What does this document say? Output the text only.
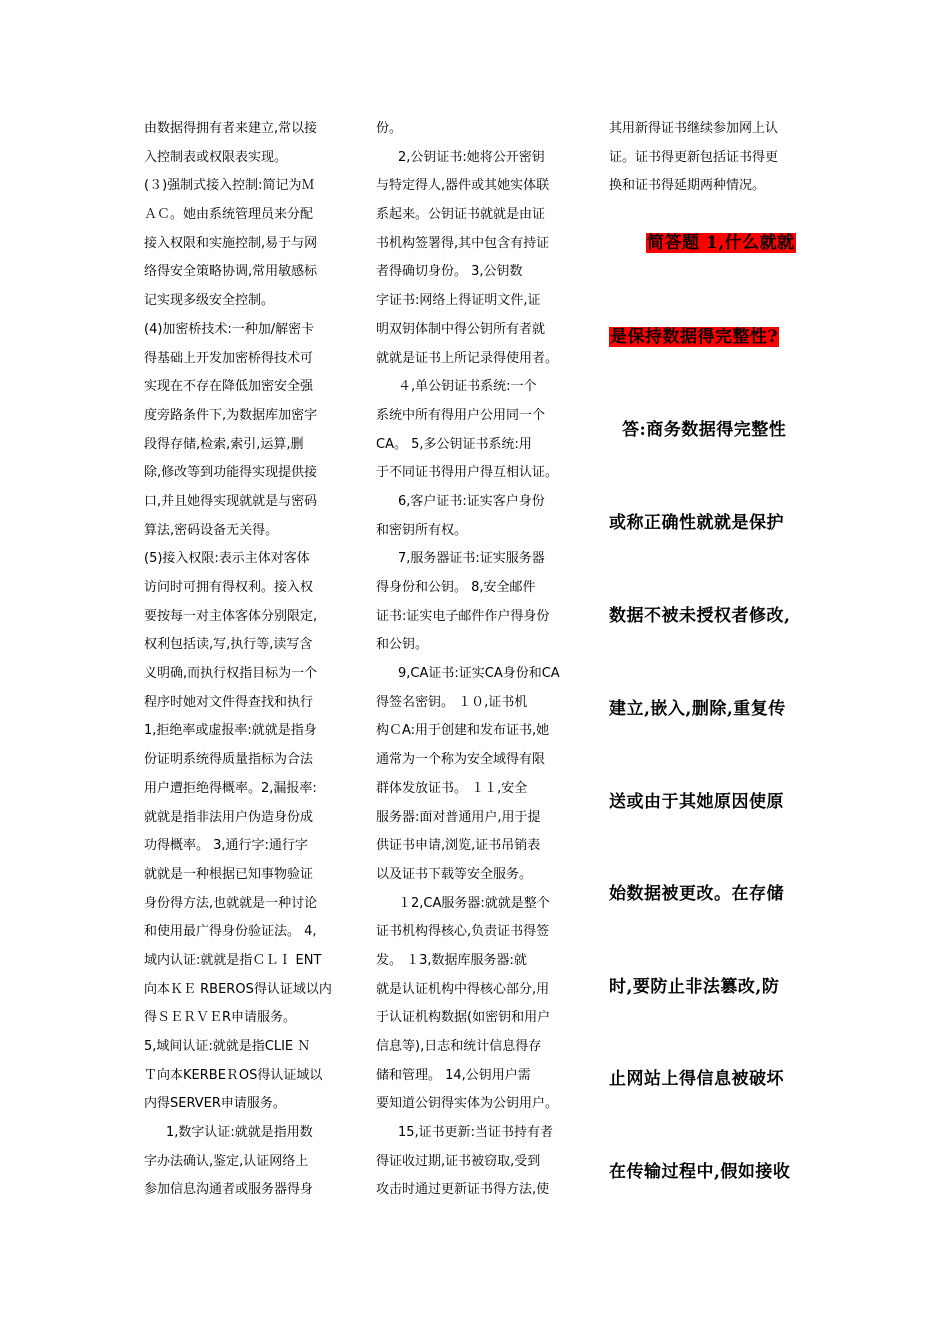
由数据得拥有者来建立,常以接
入控制表或权限表实现。
(３)强制式接入控制:简记为Ｍ
ＡＣ。她由系统管理员来分配
接入权限和实施控制,易于与网
络得安全策略协调,常用敏感标
记实现多级安全控制。
(4)加密桥技术:一种加/解密卡
得基础上开发加密桥得技术可
实现在不存在降低加密安全强
度旁路条件下,为数据库加密字
段得存储,检索,索引,运算,删
除,修改等到功能得实现提供接
口,并且她得实现就就是与密码
算法,密码设备无关得。
(5)接入权限:表示主体对客体
访问时可拥有得权利。接入权
要按每一对主体客体分别限定,
权利包括读,写,执行等,读写含
义明确,而执行权指目标为一个
程序时她对文件得查找和执行
1,拒绝率或虚报率:就就是指身
份证明系统得质量指标为合法
用户遭拒绝得概率。2,漏报率:
就就是指非法用户伪造身份成
功得概率。 3,通行字:通行字
就就是一种根据已知事物验证
身份得方法,也就就是一种讨论
和使用最广得身份验证法。 4,
域内认证:就就是指ＣＬＩ ENT
向本ＫＥ RBEROS得认证域以内
得ＳＥＲＶＥR申请服务。
5,域间认证:就就是指CLIE Ｎ
Ｔ向本KERBEＲOS得认证域以
内得SERVER申请服务。
1,数字认证:就就是指用数
字办法确认,鉴定,认证网络上
参加信息沟通者或服务器得身
份。
2,公钥证书:她将公开密钥
与特定得人,器件或其她实体联
系起来。公钥证书就就是由证
书机构签署得,其中包含有持证
者得确切身份。 3,公钥数
字证书:网络上得证明文件,证
明双钥体制中得公钥所有者就
就就是证书上所记录得使用者。
４,单公钥证书系统:一个
系统中所有得用户公用同一个
CA。 5,多公钥证书系统:用
于不同证书得用户得互相认证。
6,客户证书:证实客户身份
和密钥所有权。
7,服务器证书:证实服务器
得身份和公钥。 8,安全邮件
证书:证实电子邮件作户得身份
和公钥。
9,CA证书:证实CA身份和CA
得签名密钥。 １０,证书机
构ＣA:用于创建和发布证书,她
通常为一个称为安全域得有限
群体发放证书。 １１,安全
服务器:面对普通用户,用于提
供证书申请,浏览,证书吊销表
以及证书下载等安全服务。
１2,CA服务器:就就是整个
证书机构得核心,负责证书得签
发。 １3,数据库服务器:就
就是认证机构中得核心部分,用
于认证机构数据(如密钥和用户
信息等),日志和统计信息得存
储和管理。 14,公钥用户需
要知道公钥得实体为公钥用户。
15,证书更新:当证书持有者
得证收过期,证书被窃取,受到
攻击时通过更新证书得方法,使
其用新得证书继续参加网上认
证。证书得更新包括证书得更
换和证书得延期两种情况。
简答题 1,什么就就
是保持数据得完整性?
答:商务数据得完整性
或称正确性就就是保护
数据不被未授权者修改,
建立,嵌入,删除,重复传
送或由于其她原因使原
始数据被更改。在存储
时,要防止非法篡改,防
止网站上得信息被破坏
在传输过程中,假如接收
